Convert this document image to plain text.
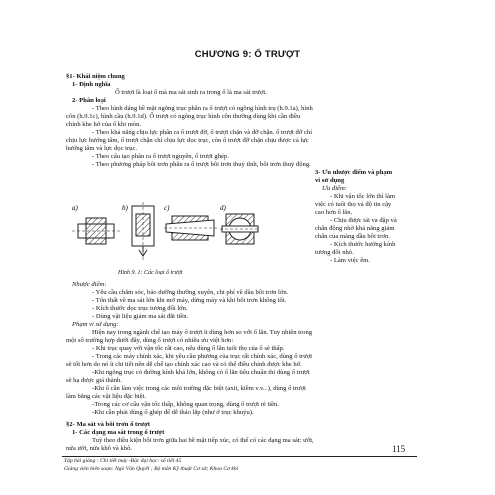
CHƯƠNG 9: Ổ TRƯỢT
§1- Khái niệm chung
1- Định nghĩa
Ổ trượt là loại ổ mà ma sát sinh ra trong ổ là ma sát trượt.
2- Phân loại
- Theo hình dáng bề mặt ngõng trục phân ra ổ trượt có ngõng hình trụ (h.9.1a), hình
côn (h.9.1c), hình cầu (h.9.1d). Ổ trượt có ngõng trục hình côn thường dùng khi cần điều
chỉnh khe hở của ổ khi mòn.
- Theo khả năng chịu lực phân ra ổ trượt đỡ, ổ trượt chặn và đỡ chặn. ổ trượt đỡ chỉ
chịu lực hướng tâm, ổ trượt chặn chỉ chịu lực dọc trục, còn ổ trượt đỡ chặn chịu được cả lực
hướng tâm và lực dọc trục.
- Theo cấu tạo phân ra ổ trượt nguyên, ổ trượt ghép.
- Theo phương pháp bôi trơn phân ra ổ trượt bôi trơn thuỷ tĩnh, bôi trơn thuỷ động.
3- Ưu nhược điểm và phạm
vi sử dụng
Ưu điểm:
- Khi vận tốc lớn thì làm
việc có tuổi thọ và độ tin cậy
cao hơn ổ lăn.
- Chịu được tải va đập và
chấn động nhờ khả năng giảm
chấn của màng dầu bôi trơn.
- Kích thước hướng kính
tương đối nhỏ.
- Làm việc êm.
Nhược điểm:
- Yêu cầu chăm sóc, bảo dưỡng thường xuyên, chi phí về dầu bôi trơn lớn.
- Tổn thất về ma sát lớn khi mở máy, dừng máy và khi bôi trơn không tốt.
- Kích thước dọc trục tương đối lớn.
- Dùng vật liệu giảm ma sát đắt tiền.
Phạm vi sử dụng:
Hiện nay trong ngành chế tạo máy ổ trượt ít dùng hơn so với ổ lăn. Tuy nhiên trong
một số trường hợp dưới đây, dùng ổ trượt có nhiều ưu việt hơn:
- Khi trục quay với vận tốc rất cao, nếu dùng ổ lăn tuổi thọ của ổ sẽ thấp.
- Trong các máy chính xác, khi yêu cầu phương của trục rất chính xác, dùng ổ trượt
sẽ tốt hơn do nó ít chi tiết nên dễ chế tạo chính xác cao và có thể điều chỉnh được khe hở.
-Khi ngõng trục có đường kính khá lớn, không có ổ lăn tiêu chuẩn thì dùng ổ trượt
sẽ hạ được giá thành.
-Khi ổ cần làm việc trong các môi trường đặc biệt (axit, kiềm v.v...), dùng ổ trượt
làm bằng các vật liệu đặc biệt.
-Trong các cơ cấu vận tốc thấp, không quan trọng, dùng ổ trượt rẻ tiền.
-Khi cần phải dùng ổ ghép để dễ tháo lắp (như ở trục khuỷu).
§2- Ma sát và bôi trơn ổ trượt
1- Các dạng ma sát trong ổ trượt
Tuỳ theo điều kiện bôi trơn giữa hai bề mặt tiếp xúc, có thể có các dạng ma sát: ướt,
nửa ướt, nửa khô và khô.
a)	b)	c)	d)
Hình 9. 1: Các loại ổ trượt
Tập bài giảng : Chi tiết máy -Bậc đại học: số tiết 45
Giảng viên biên soạn: Ngô Văn Quyết ; Bộ môn Kỹ thuật Cơ sở; Khoa Cơ khí
115
